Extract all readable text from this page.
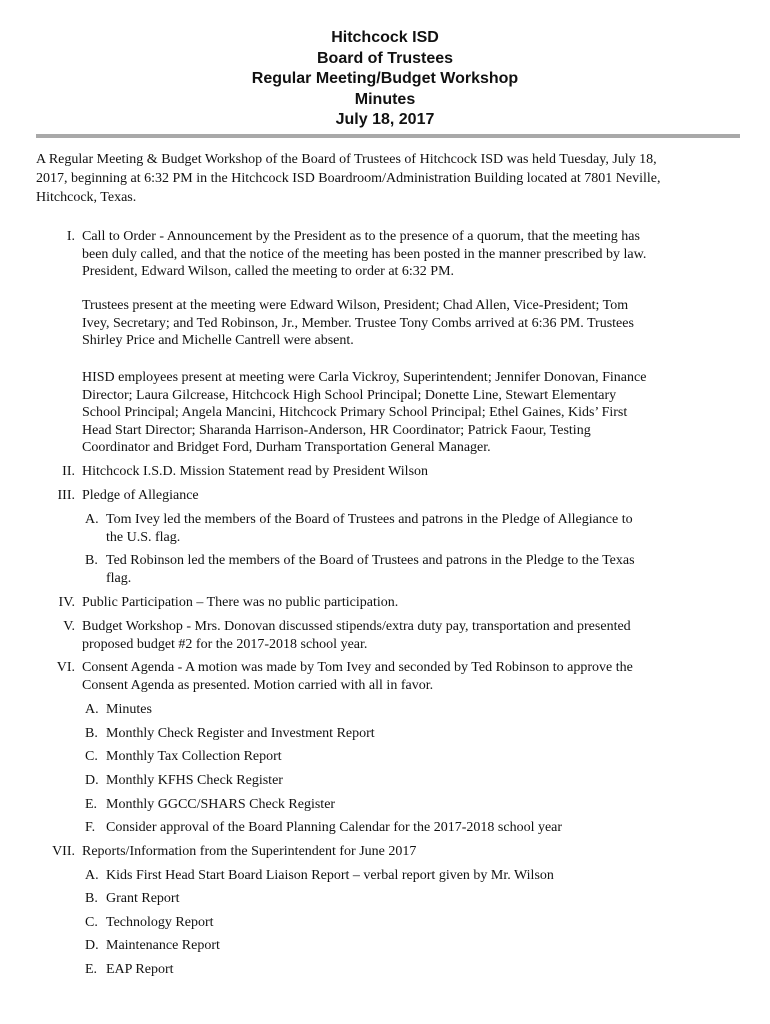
Hitchcock ISD
Board of Trustees
Regular Meeting/Budget Workshop
Minutes
July 18, 2017

A Regular Meeting & Budget Workshop of the Board of Trustees of Hitchcock ISD was held Tuesday, July 18,

2017, beginning at 6:32 PM in the Hitchcock ISD Boardroom/Administration Building located at 7801 Neville,

Hitchcock, Texas.

I. Call to Order - Announcement by the President as to the presence of a quorum, that the meeting has
been duly called, and that the notice of the meeting has been posted in the manner prescribed by law.
President, Edward Wilson, called the meeting to order at 6:32 PM.
Trustees present at the meeting were Edward Wilson, President; Chad Allen, Vice-President; Tom
Ivey, Secretary; and Ted Robinson, Jr., Member. Trustee Tony Combs arrived at 6:36 PM. Trustees
Shirley Price and Michelle Cantrell were absent.
HISD employees present at meeting were Carla Vickroy, Superintendent; Jennifer Donovan, Finance
Director; Laura Gilcrease, Hitchcock High School Principal; Donette Line, Stewart Elementary
School Principal; Angela Mancini, Hitchcock Primary School Principal; Ethel Gaines, Kids’ First
Head Start Director; Sharanda Harrison-Anderson, HR Coordinator; Patrick Faour, Testing
Coordinator and Bridget Ford, Durham Transportation General Manager.
II. Hitchcock I.S.D. Mission Statement read by President Wilson
III. Pledge of Allegiance
A. Tom Ivey led the members of the Board of Trustees and patrons in the Pledge of Allegiance to
the U.S. flag.
B. Ted Robinson led the members of the Board of Trustees and patrons in the Pledge to the Texas
flag.
IV. Public Participation – There was no public participation.
V. Budget Workshop - Mrs. Donovan discussed stipends/extra duty pay, transportation and presented
proposed budget #2 for the 2017-2018 school year.
VI. Consent Agenda - A motion was made by Tom Ivey and seconded by Ted Robinson to approve the
Consent Agenda as presented. Motion carried with all in favor.
A. Minutes
B. Monthly Check Register and Investment Report
C. Monthly Tax Collection Report
D. Monthly KFHS Check Register
E. Monthly GGCC/SHARS Check Register
F. Consider approval of the Board Planning Calendar for the 2017-2018 school year
VII. Reports/Information from the Superintendent for June 2017
A. Kids First Head Start Board Liaison Report – verbal report given by Mr. Wilson
B. Grant Report
C. Technology Report
D. Maintenance Report
E. EAP Report
